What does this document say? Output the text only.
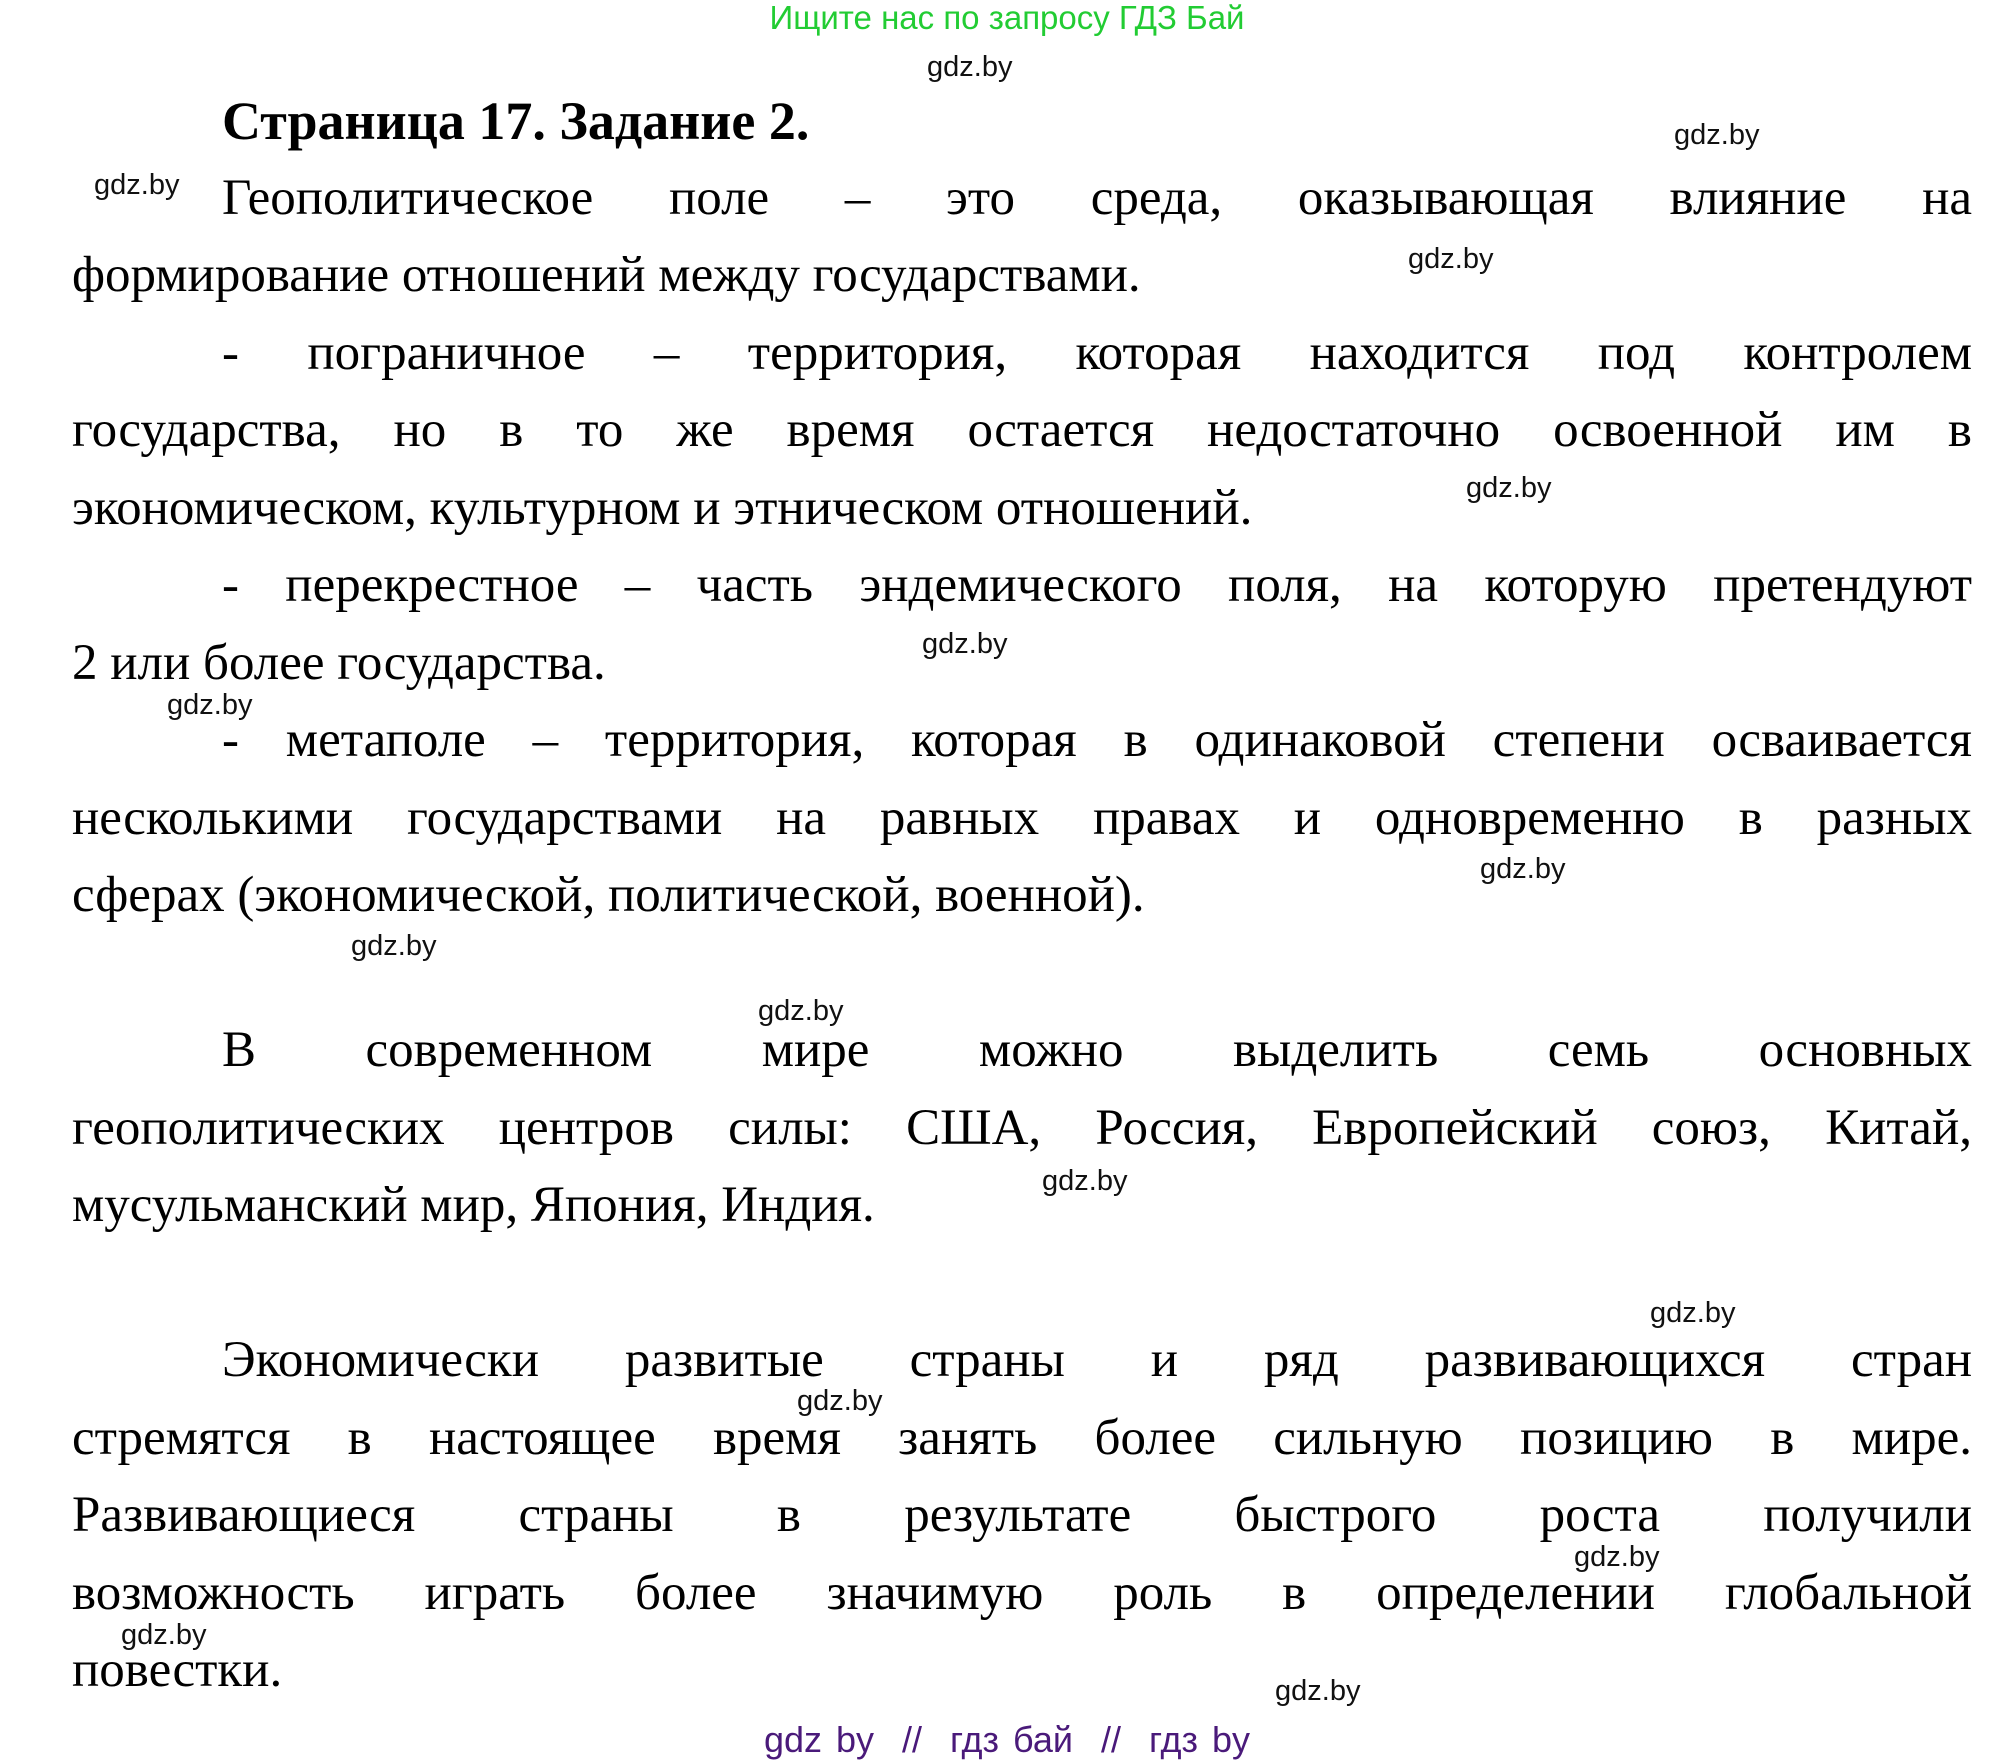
Ищите нас по запросу ГДЗ Бай
gdz.by
Страница 17. Задание 2.	gdz.by
gdz.by Геополитическое поле – это среда, оказывающая влияние на
формирование отношений между государствами.	gdz.by
- пограничное – территория, которая находится под контролем
государства, но в то же время остается недостаточно освоенной им в
экономическом, культурном и этническом отношений.	gdz.by
- перекрестное – часть эндемического поля, на которую претендуют
2 или более государства.	gdz.by
gdz.by
- метаполе – территория, которая в одинаковой степени осваивается
несколькими государствами на равных правах и одновременно в разных
сферах (экономической, политической, военной).	gdz.by
gdz.by
gdz.by
В современном мире можно выделить семь основных
геополитических центров силы: США, Россия, Европейский союз, Китай,
мусульманский мир, Япония, Индия.	gdz.by
gdz.by
Экономически развитые страны и ряд развивающихся стран
стремятся в настоящее время занять более сильную позицию в мире.
Развивающиеся страны в результате быстрого роста получили
возможность играть более значимую роль в определении глобальной
повестки.
gdz.by
gdz.by
gdz.by
gdz.by
gdz by  //  гдз бай  //  гдз by
